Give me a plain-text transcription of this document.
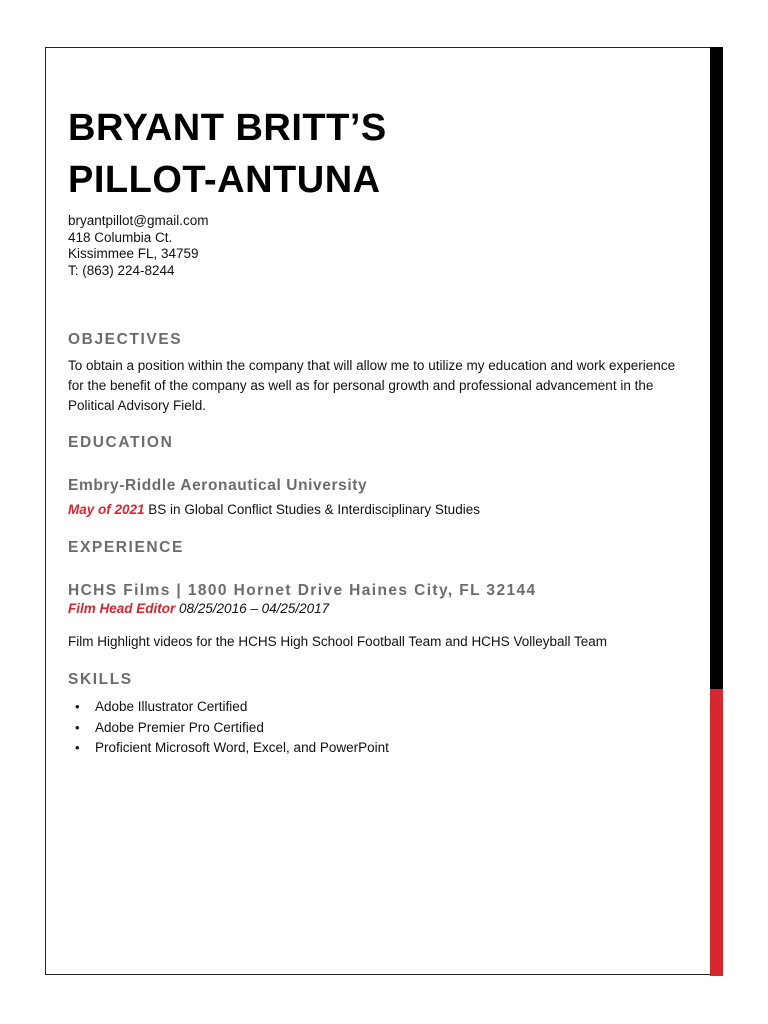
BRYANT BRITT’S
PILLOT-ANTUNA
bryantpillot@gmail.com
418 Columbia Ct.
Kissimmee FL, 34759
T: (863) 224-8244
OBJECTIVES

To obtain a position within the company that will allow me to utilize my education and work experience
for the benefit of the company as well as for personal growth and professional advancement in the
Political Advisory Field.

EDUCATION
Embry-Riddle Aeronautical University

May of 2021 BS in Global Conflict Studies & Interdisciplinary Studies

EXPERIENCE
HCHS Films | 1800 Hornet Drive Haines City, FL 32144

Film Head Editor 08/25/2016 – 04/25/2017

Film Highlight videos for the HCHS High School Football Team and HCHS Volleyball Team

SKILLS
• Adobe Illustrator Certified
• Adobe Premier Pro Certified
• Proficient Microsoft Word, Excel, and PowerPoint
